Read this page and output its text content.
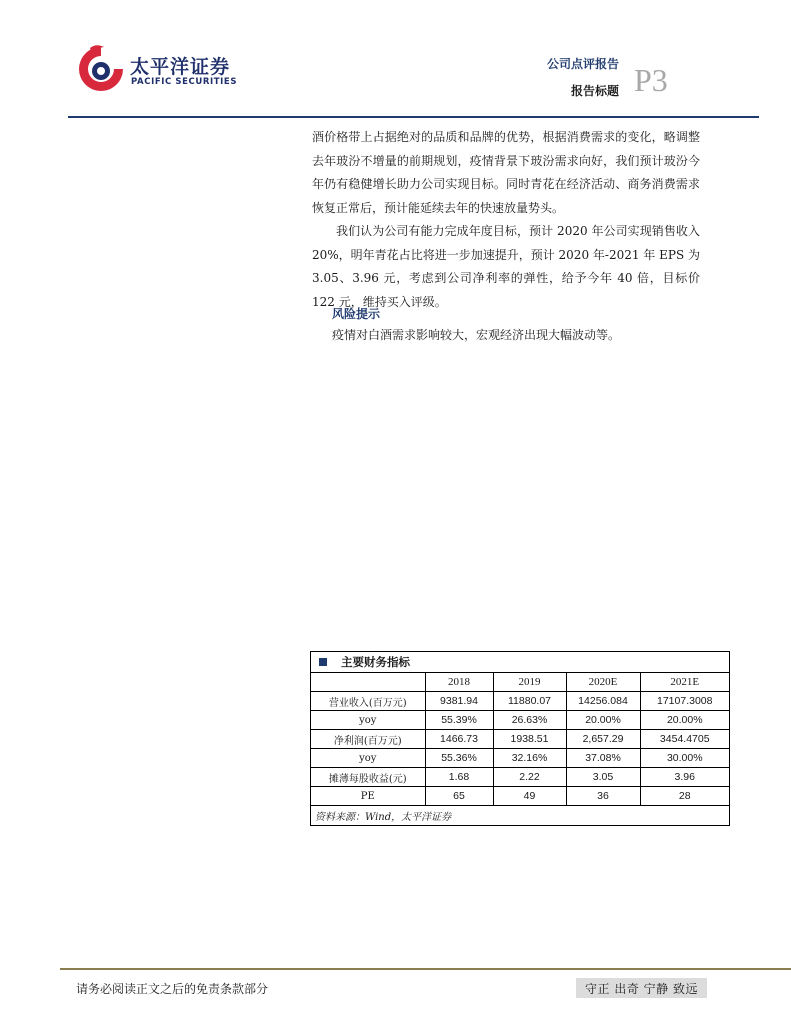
太平洋证券
PACIFIC SECURITIES
公司点评报告
报告标题 P3

酒价格带上占据绝对的品质和品牌的优势，根据消费需求的变化，略调整去年玻汾不增量的前期规划，疫情背景下玻汾需求向好，我们预计玻汾今年仍有稳健增长助力公司实现目标。同时青花在经济活动、商务消费需求恢复正常后，预计能延续去年的快速放量势头。

我们认为公司有能力完成年度目标，预计 2020 年公司实现销售收入 20%，明年青花占比将进一步加速提升，预计 2020 年-2021 年 EPS 为 3.05、3.96 元，考虑到公司净利率的弹性，给予今年 40 倍，目标价 122 元，维持买入评级。

风险提示
疫情对白酒需求影响较大，宏观经济出现大幅波动等。
主要财务指标
	2018	2019	2020E	2021E
营业收入(百万元)	9381.94	11880.07	14256.084	17107.3008
yoy	55.39%	26.63%	20.00%	20.00%
净利润(百万元)	1466.73	1938.51	2,657.29	3454.4705
yoy	55.36%	32.16%	37.08%	30.00%
摊薄每股收益(元)	1.68	2.22	3.05	3.96
PE	65	49	36	28
资料来源：Wind，太平洋证券
请务必阅读正文之后的免责条款部分	守正 出奇 宁静 致远
